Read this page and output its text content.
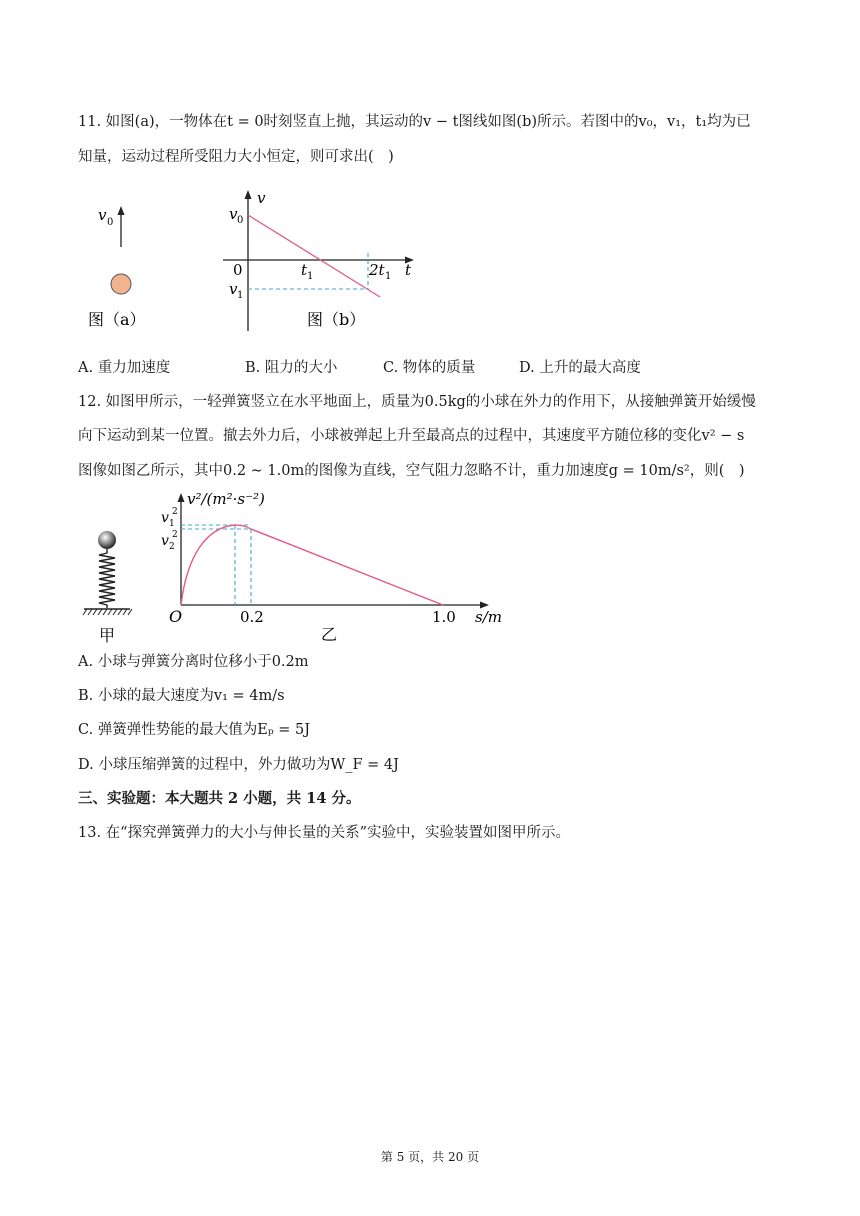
11. 如图(a)，一物体在t = 0时刻竖直上抛，其运动的v − t图线如图(b)所示。若图中的v₀，v₁，t₁均为已
知量，运动过程所受阻力大小恒定，则可求出(　)
v 0
图（a）
v
v 0
0
v 1
t 1	2t 1 t
图（b）
A. 重力加速度	B. 阻力的大小	C. 物体的质量	D. 上升的最大高度
12. 如图甲所示，一轻弹簧竖立在水平地面上，质量为0.5kg的小球在外力的作用下，从接触弹簧开始缓慢
向下运动到某一位置。撤去外力后，小球被弹起上升至最高点的过程中，其速度平方随位移的变化v² − s
图像如图乙所示，其中0.2 ∼ 1.0m的图像为直线，空气阻力忽略不计，重力加速度g = 10m/s²，则(　)
甲
v²/(m²·s⁻²)
v 1
2
v 2
2
O	0.2	1.0 s/m
乙
A. 小球与弹簧分离时位移小于0.2m
B. 小球的最大速度为v₁ = 4m/s
C. 弹簧弹性势能的最大值为Eₚ = 5J
D. 小球压缩弹簧的过程中，外力做功为W_F = 4J
三、实验题：本大题共 2 小题，共 14 分。
13. 在“探究弹簧弹力的大小与伸长量的关系”实验中，实验装置如图甲所示。
第 5 页，共 20 页
